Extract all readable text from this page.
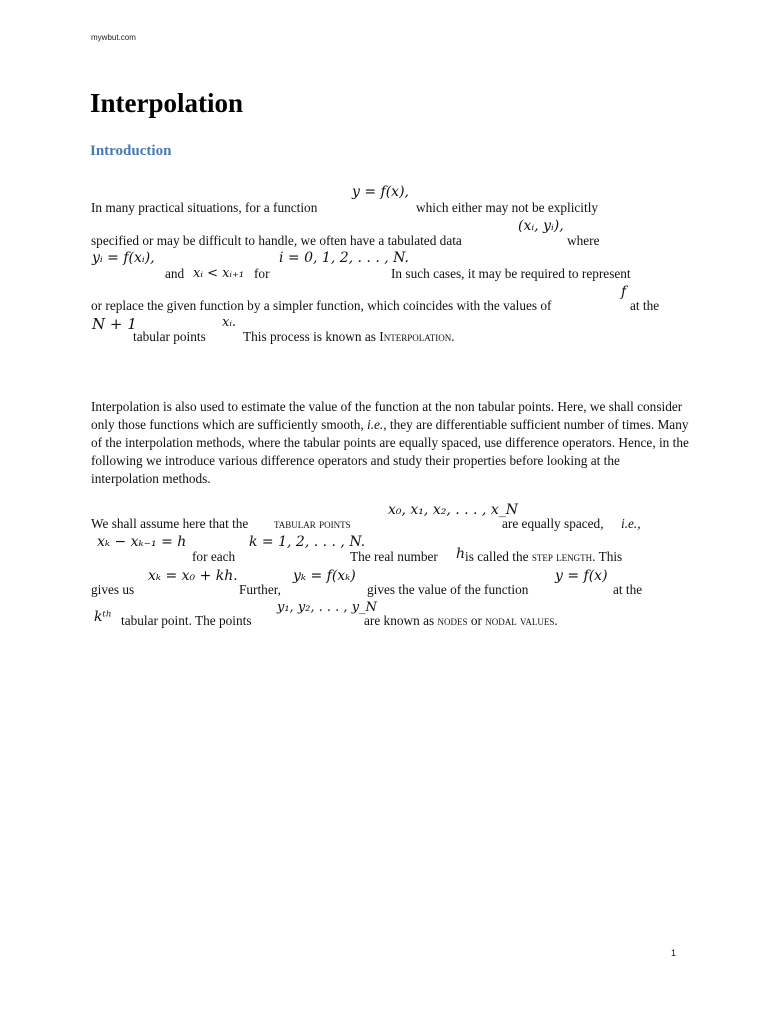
mywbut.com
Interpolation
Introduction
y = f(x),
In many practical situations, for a function	which either may not be explicitly
(xᵢ, yᵢ),
specified or may be difficult to handle, we often have a tabulated data	where
yᵢ = f(xᵢ),
and xᵢ < xᵢ₊₁ for
i = 0, 1, 2, . . . , N.
In such cases, it may be required to represent
or replace the given function by a simpler function, which coincides with the values of
f
at the
N + 1
tabular points
xᵢ.
This process is known as Interpolation.

Interpolation is also used to estimate the value of the function at the non tabular points. Here, we shall consider only those functions which are sufficiently smooth, i.e., they are differentiable sufficient number of times. Many of the interpolation methods, where the tabular points are equally spaced, use difference operators. Hence, in the following we introduce various difference operators and study their properties before looking at the interpolation methods.

x₀, x₁, x₂, . . . , x_N
We shall assume here that the tabular points	are equally spaced, i.e.,
xₖ − xₖ₋₁ = h
for each
k = 1, 2, . . . , N.
The real number h is called the step length. This
gives us
xₖ = x₀ + kh.
Further,
yₖ = f(xₖ)
gives the value of the function
y = f(x)
at the
kᵗʰ tabular point. The points
y₁, y₂, . . . , y_N
are known as nodes or nodal values.
1
